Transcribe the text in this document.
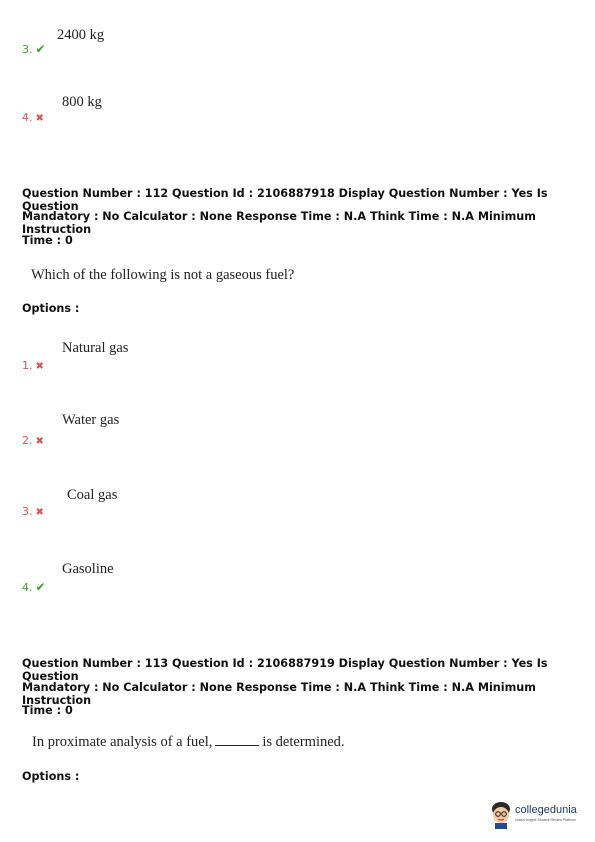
3. ✔
2400 kg
4. ✖
800 kg
Question Number : 112 Question Id : 2106887918 Display Question Number : Yes Is Question
Mandatory : No Calculator : None Response Time : N.A Think Time : N.A Minimum Instruction
Time : 0
Which of the following is not a gaseous fuel?
Options :
1. ✖
Natural gas
2. ✖
Water gas
3. ✖
Coal gas
4. ✔
Gasoline
Question Number : 113 Question Id : 2106887919 Display Question Number : Yes Is Question
Mandatory : No Calculator : None Response Time : N.A Think Time : N.A Minimum Instruction
Time : 0
In proximate analysis of a fuel,	is determined.
Options :
collegedunia
India's largest Student Review Platform
